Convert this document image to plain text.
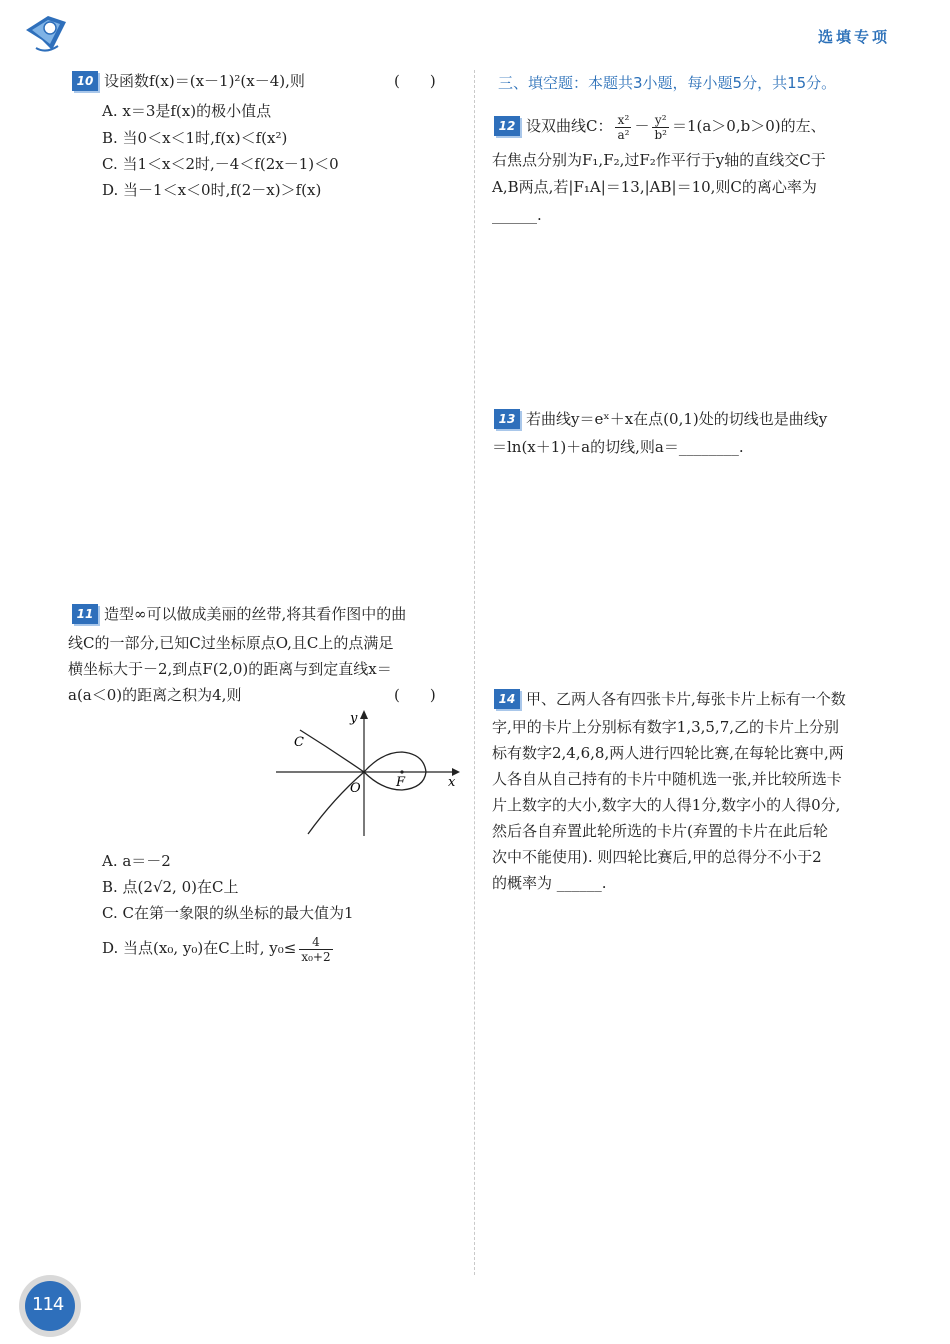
选填专项
10 设函数f(x)＝(x－1)²(x－4),则	(　　)
A. x＝3是f(x)的极小值点
B. 当0＜x＜1时,f(x)＜f(x²)
C. 当1＜x＜2时,－4＜f(2x－1)＜0
D. 当－1＜x＜0时,f(2－x)＞f(x)
11 造型∞可以做成美丽的丝带,将其看作图中的曲
线C的一部分,已知C过坐标原点O,且C上的点满足
横坐标大于－2,到点F(2,0)的距离与到定直线x＝
a(a＜0)的距离之积为4,则	(　　)
y
x
C
O	F
A. a＝－2
B. 点(2√2, 0)在C上
C. C在第一象限的纵坐标的最大值为1
D. 当点(x₀, y₀)在C上时, $y_0\le \frac{4}{\text{x₀+2}}$
三、填空题：本题共3小题，每小题5分，共15分。
12 设双曲线C： $\frac{\text{x²}}{\text{a²}} - \frac{\text{y²}}{\text{b²}} =1(a>0,b>0)$的左、
右焦点分别为F₁,F₂,过F₂作平行于y轴的直线交C于
A,B两点,若|F₁A|＝13,|AB|＝10,则C的离心率为
______.
13 若曲线y＝eˣ＋x在点(0,1)处的切线也是曲线y
＝ln(x＋1)＋a的切线,则a＝________.
14 甲、乙两人各有四张卡片,每张卡片上标有一个数
字,甲的卡片上分别标有数字1,3,5,7,乙的卡片上分别
标有数字2,4,6,8,两人进行四轮比赛,在每轮比赛中,两
人各自从自己持有的卡片中随机选一张,并比较所选卡
片上数字的大小,数字大的人得1分,数字小的人得0分,
然后各自弃置此轮所选的卡片(弃置的卡片在此后轮
次中不能使用). 则四轮比赛后,甲的总得分不小于2
的概率为 ______.
114
